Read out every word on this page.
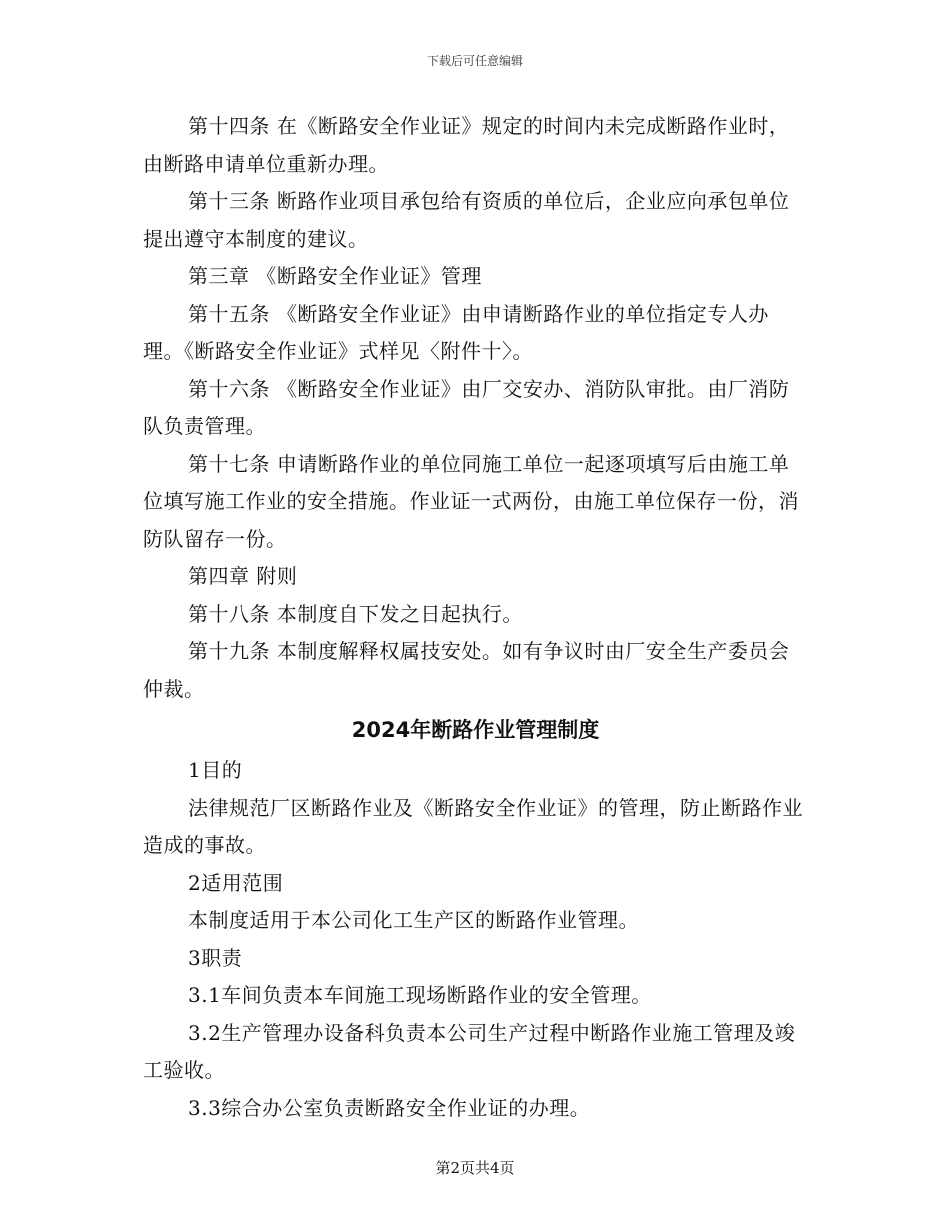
下载后可任意编辑

第十四条 在《断路安全作业证》规定的时间内未完成断路作业时，由断路申请单位重新办理。

第十三条 断路作业项目承包给有资质的单位后，企业应向承包单位提出遵守本制度的建议。

第三章 《断路安全作业证》管理

第十五条 《断路安全作业证》由申请断路作业的单位指定专人办理。《断路安全作业证》式样见〈附件十〉。

第十六条 《断路安全作业证》由厂交安办、消防队审批。由厂消防队负责管理。

第十七条 申请断路作业的单位同施工单位一起逐项填写后由施工单位填写施工作业的安全措施。作业证一式两份，由施工单位保存一份，消防队留存一份。

第四章 附则

第十八条 本制度自下发之日起执行。

第十九条 本制度解释权属技安处。如有争议时由厂安全生产委员会仲裁。

2024年断路作业管理制度

1目的

法律规范厂区断路作业及《断路安全作业证》的管理，防止断路作业造成的事故。

2适用范围

本制度适用于本公司化工生产区的断路作业管理。

3职责

3.1车间负责本车间施工现场断路作业的安全管理。

3.2生产管理办设备科负责本公司生产过程中断路作业施工管理及竣工验收。

3.3综合办公室负责断路安全作业证的办理。

第2页共4页
